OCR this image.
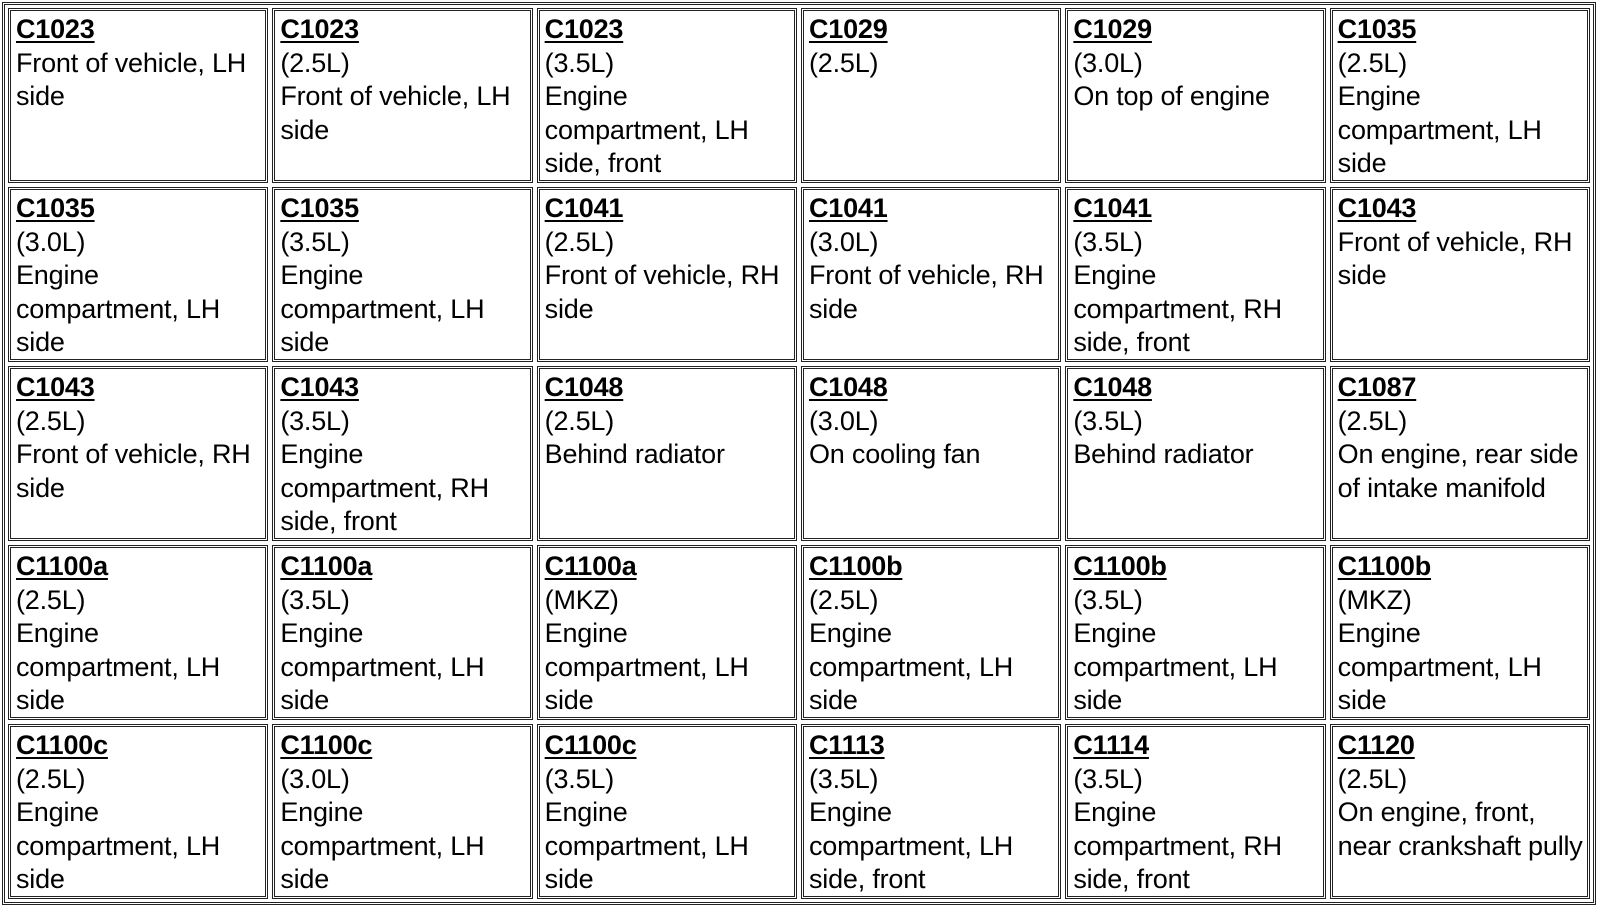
C1023
Front of vehicle, LH side
C1023
(2.5L)
Front of vehicle, LH side
C1023
(3.5L)
Engine compartment, LH side, front
C1029
(2.5L)
C1029
(3.0L)
On top of engine
C1035
(2.5L)
Engine compartment, LH side
C1035
(3.0L)
Engine compartment, LH side
C1035
(3.5L)
Engine compartment, LH side
C1041
(2.5L)
Front of vehicle, RH side
C1041
(3.0L)
Front of vehicle, RH side
C1041
(3.5L)
Engine compartment, RH side, front
C1043
Front of vehicle, RH side
C1043
(2.5L)
Front of vehicle, RH side
C1043
(3.5L)
Engine compartment, RH side, front
C1048
(2.5L)
Behind radiator
C1048
(3.0L)
On cooling fan
C1048
(3.5L)
Behind radiator
C1087
(2.5L)
On engine, rear side of intake manifold
C1100a
(2.5L)
Engine compartment, LH side
C1100a
(3.5L)
Engine compartment, LH side
C1100a
(MKZ)
Engine compartment, LH side
C1100b
(2.5L)
Engine compartment, LH side
C1100b
(3.5L)
Engine compartment, LH side
C1100b
(MKZ)
Engine compartment, LH side
C1100c
(2.5L)
Engine compartment, LH side
C1100c
(3.0L)
Engine compartment, LH side
C1100c
(3.5L)
Engine compartment, LH side
C1113
(3.5L)
Engine compartment, LH side, front
C1114
(3.5L)
Engine compartment, RH side, front
C1120
(2.5L)
On engine, front, near crankshaft pully
